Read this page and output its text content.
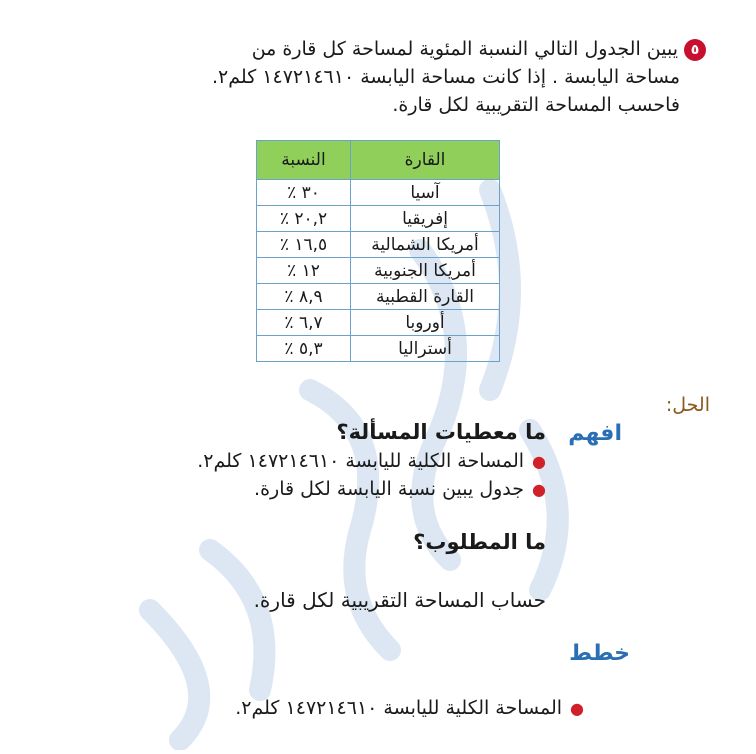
٥يبين الجدول التالي النسبة المئوية لمساحة كل قارة من
مساحة اليابسة . إذا كانت مساحة اليابسة ١٤٧٢١٤٦١٠ كلم٢.
فاحسب المساحة التقريبية لكل قارة.
القارة	النسبة
آسيا	٣٠ ٪
إفريقيا	٢٠,٢ ٪
أمريكا الشمالية	١٦,٥ ٪
أمريكا الجنوبية	١٢ ٪
القارة القطبية	٨,٩ ٪
أوروبا	٦,٧ ٪
أستراليا	٥,٣ ٪
الحل:
افهم
ما معطيات المسألة؟
●المساحة الكلية لليابسة ١٤٧٢١٤٦١٠ كلم٢.
●جدول يبين نسبة اليابسة لكل قارة.
ما المطلوب؟
حساب المساحة التقريبية لكل قارة.
خطط
●المساحة الكلية لليابسة ١٤٧٢١٤٦١٠ كلم٢.
